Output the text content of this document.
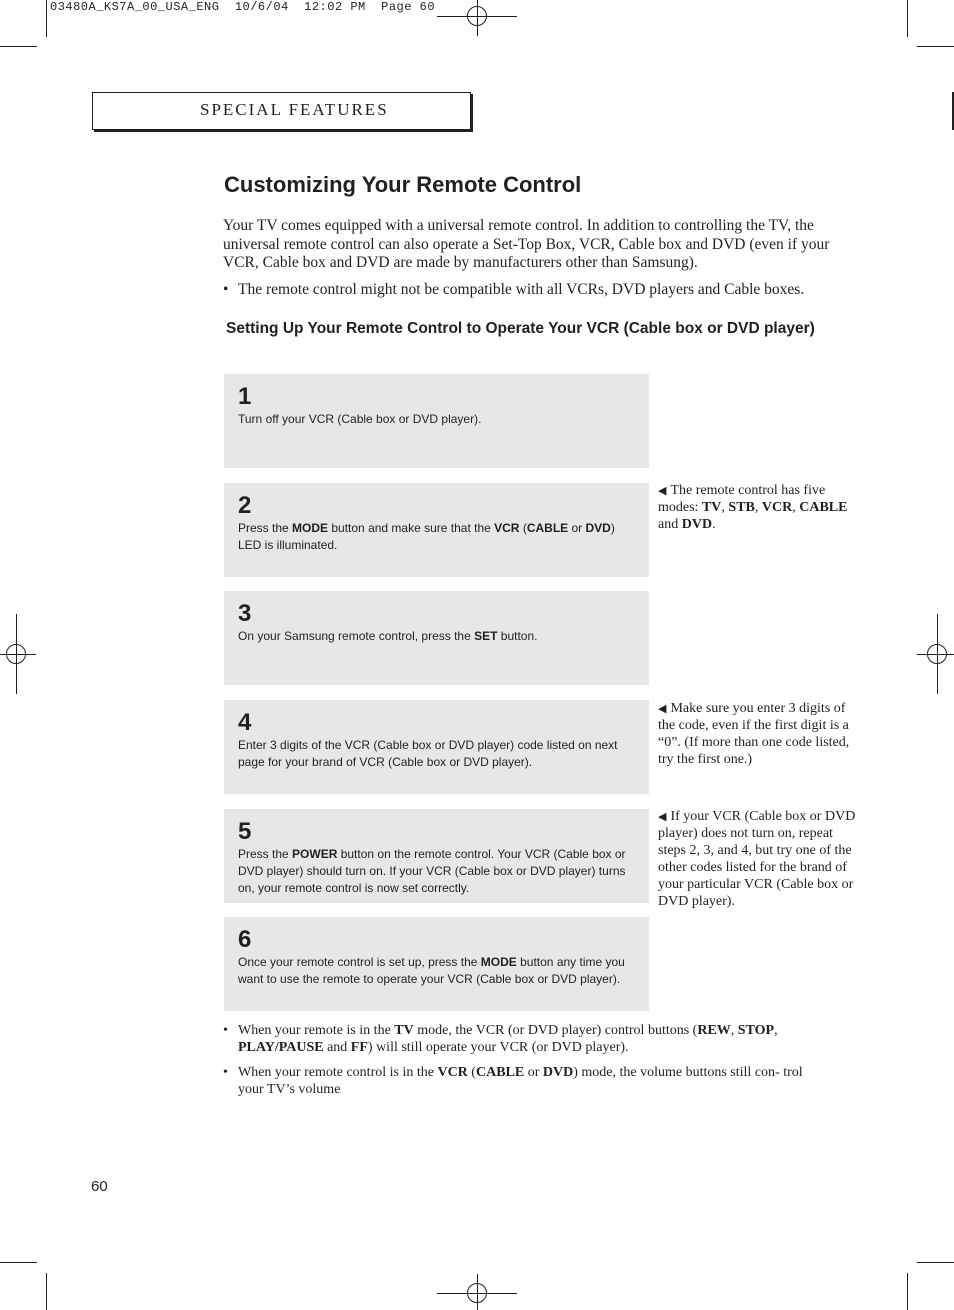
03480A_KS7A_00_USA_ENG  10/6/04  12:02 PM  Page 60
SPECIAL FEATURES
Customizing Your Remote Control
Your TV comes equipped with a universal remote control. In addition to controlling the TV, the universal remote control can also operate a Set-Top Box, VCR, Cable box and DVD (even if your VCR, Cable box and DVD are made by manufacturers other than Samsung).
• The remote control might not be compatible with all VCRs, DVD players and Cable boxes.
Setting Up Your Remote Control to Operate Your VCR (Cable box or DVD player)
1
Turn off your VCR (Cable box or DVD player).
2
Press the MODE button and make sure that the VCR (CABLE or DVD) LED is illuminated.
3
On your Samsung remote control, press the SET button.
4
Enter 3 digits of the VCR (Cable box or DVD player) code listed on next page for your brand of VCR (Cable box or DVD player).
5
Press the POWER button on the remote control. Your VCR (Cable box or DVD player) should turn on. If your VCR (Cable box or DVD player) turns on, your remote control is now set correctly.
6
Once your remote control is set up, press the MODE button any time you want to use the remote to operate your VCR (Cable box or DVD player).
◀ The remote control has five modes: TV, STB, VCR, CABLE and DVD.
◀ Make sure you enter 3 digits of the code, even if the first digit is a “0”. (If more than one code listed, try the first one.)
◀ If your VCR (Cable box or DVD player) does not turn on, repeat steps 2, 3, and 4, but try one of the other codes listed for the brand of your particular VCR (Cable box or DVD player).
• When your remote is in the TV mode, the VCR (or DVD player) control buttons (REW, STOP, PLAY/PAUSE and FF) will still operate your VCR (or DVD player).
• When your remote control is in the VCR (CABLE or DVD) mode, the volume buttons still con- trol your TV’s volume
60
